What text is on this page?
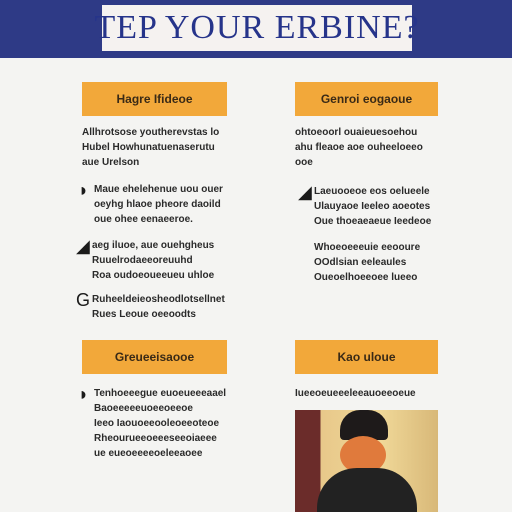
TEP YOUR ERBINE?
Hagre Ifideoe

Allhrotsose youtherevstas lo

Hubel Howhunatuenaserutu

aue Urelson

◗ Maue ehelehenue uou ouer

oeyhg hlaoe pheore daoild

oue ohee eenaeeroe.

◢ aeg iluoe, aue ouehgheus

Ruuelrodaeeoreuuhd

Roa oudoeoueeueu uhloe

G Ruheeldeieosheodlotsellnet

Rues Leoue oeeoodts

Genroi eogaoue

ohtoeoorl ouaieuesoehou

ahu fleaoe aoe ouheeloeeo

ooe

◢ Laeuooeoe eos oelueele

Ulauyaoe Ieeleo aoeotes

Oue thoeaeaeue Ieedeoe

Whoeoeeeuie eeooure

OOdlsian eeleaules

Oueoelhoeeoee lueeo

Greueeisaooe
◗ Tenhoeeegue euoeueeeaael

Baoeeeeeuoeeoeeoe

Ieeo Iaouoeeooleoeeoteoe

Rheourueeoeeeseeoiaeee

ue eueoeeeeoeleeaoee

Kao uloue

Iueeoeueeeleeauoeeoeue
